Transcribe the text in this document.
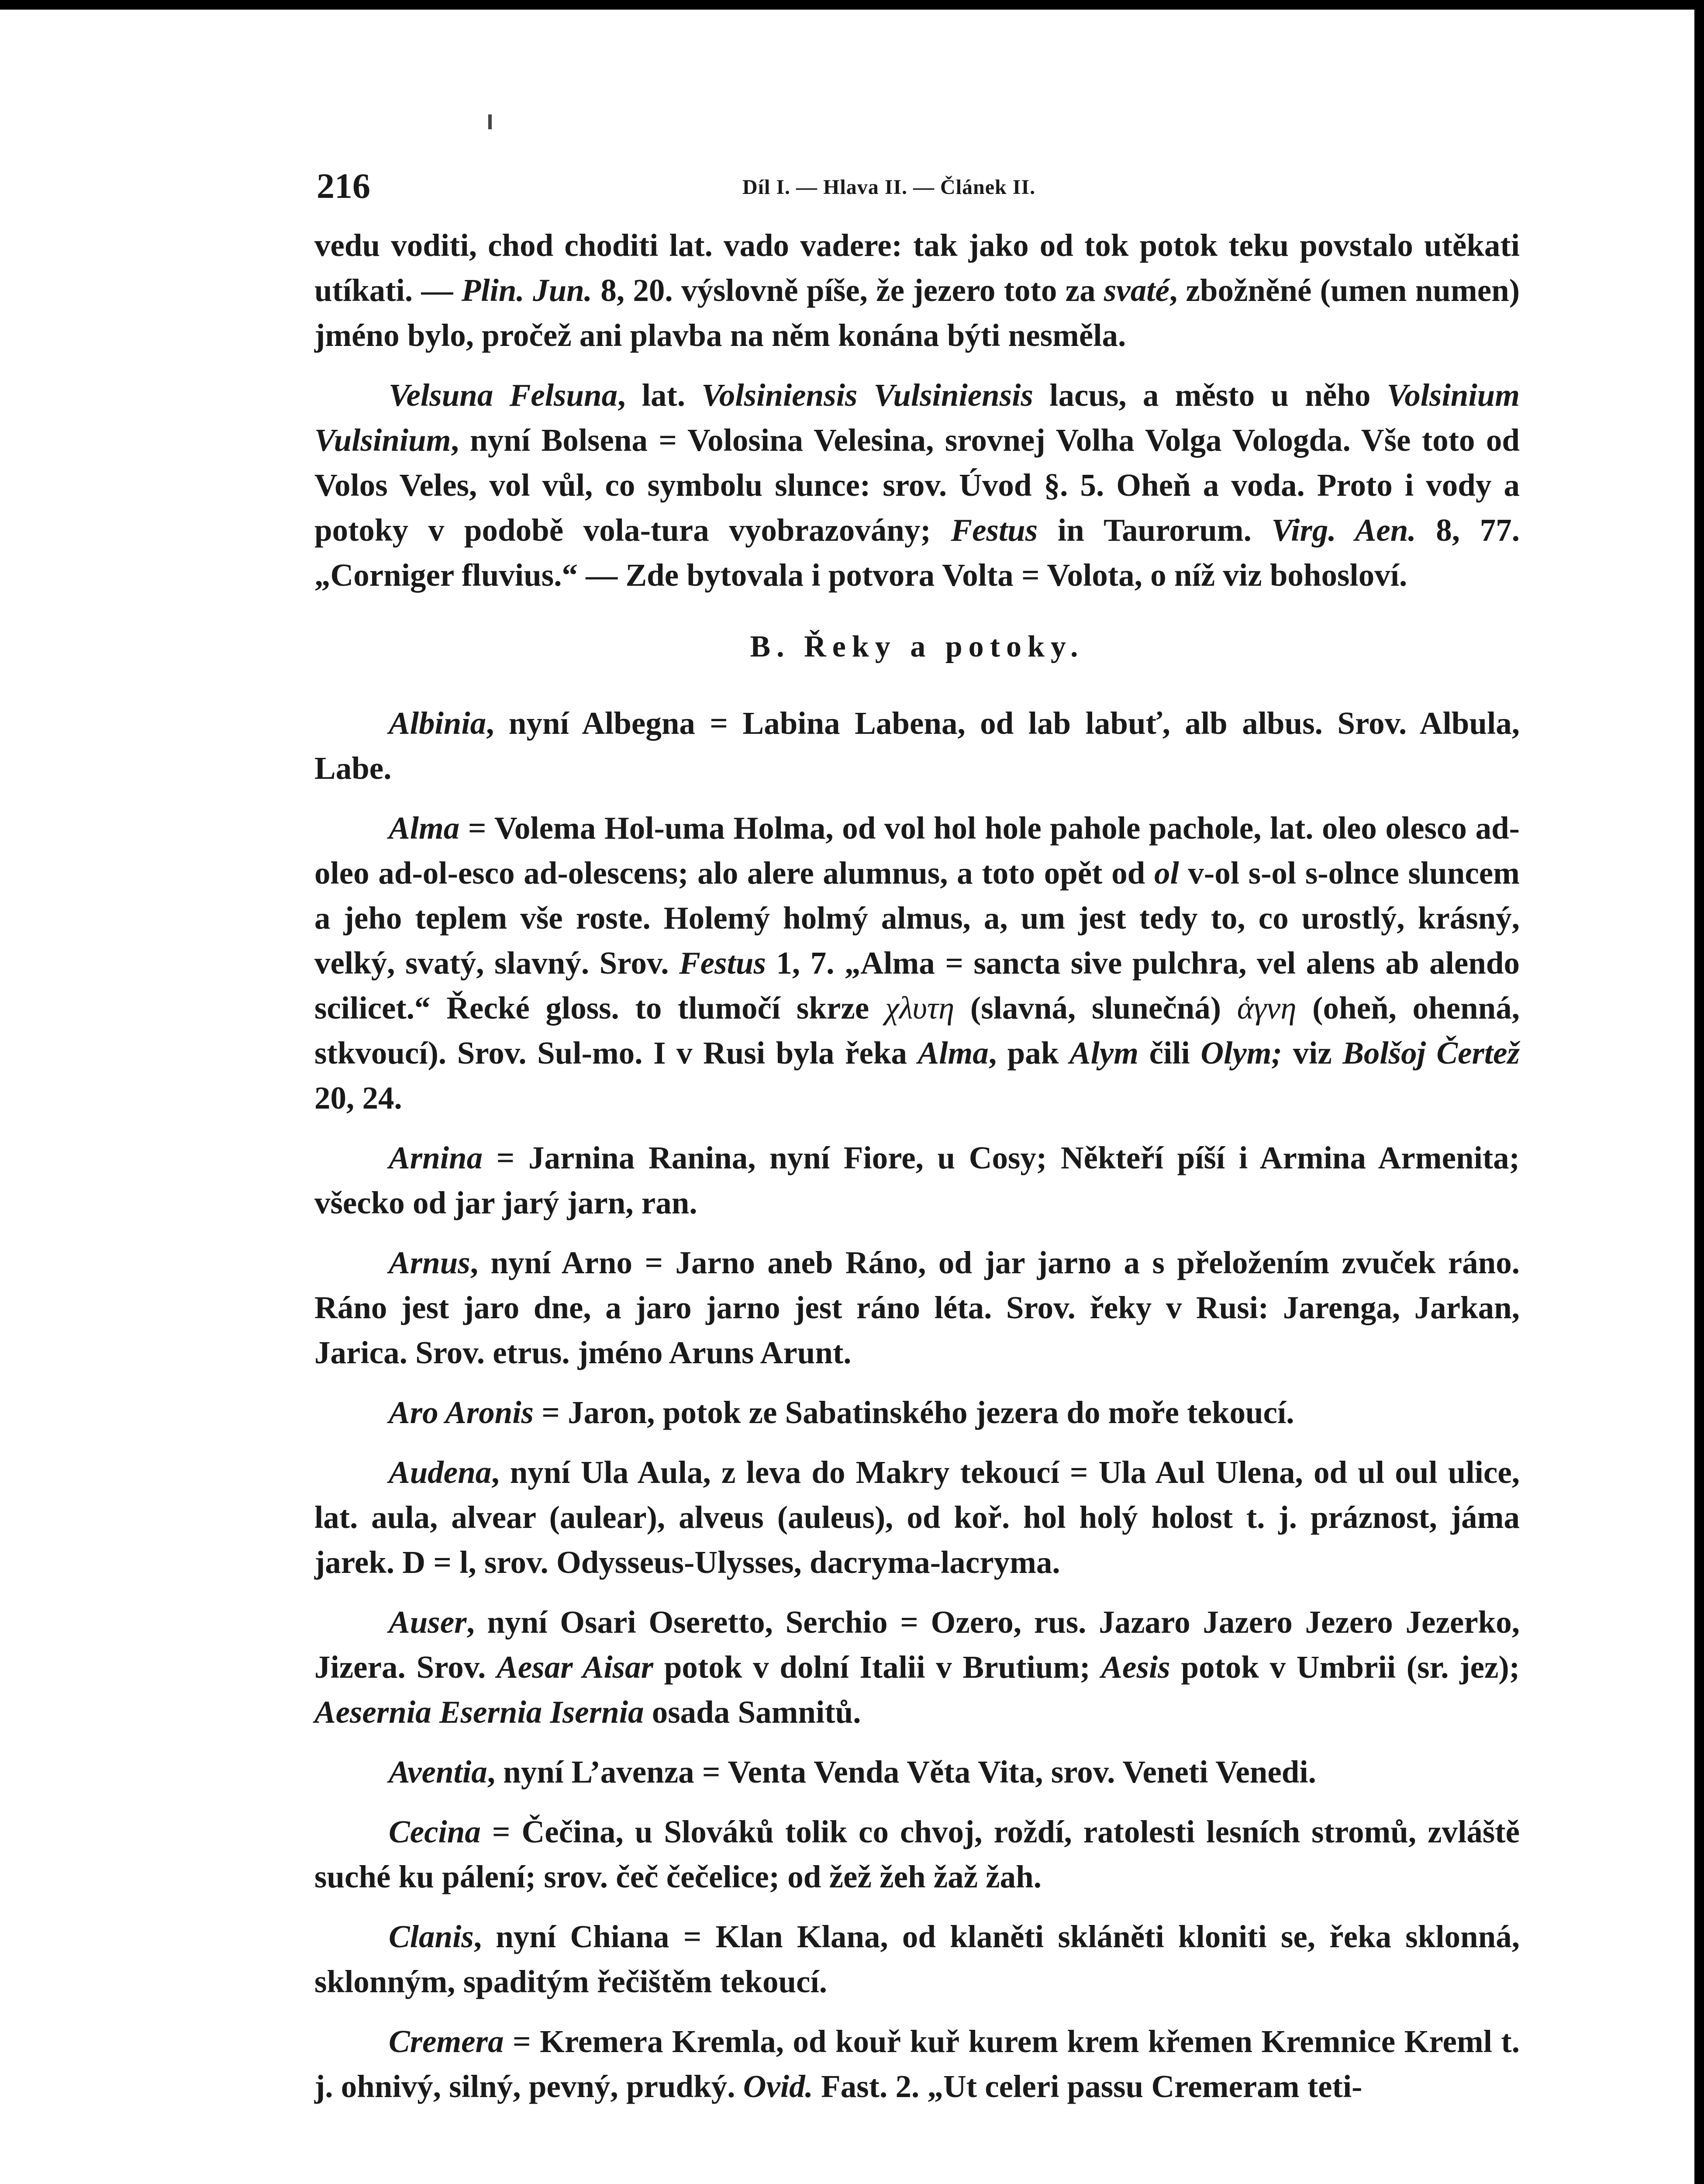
216	Díl I. — Hlava II. — Článek II.

vedu voditi, chod choditi lat. vado vadere: tak jako od tok potok teku povstalo utěkati utíkati. — Plin. Jun. 8, 20. výslovně píše, že jezero toto za svaté, zbožněné (umen numen) jméno bylo, pročež ani plavba na něm konána býti nesměla.

Velsuna Felsuna, lat. Volsiniensis Vulsiniensis lacus, a město u něho Volsinium Vulsinium, nyní Bolsena = Volosina Velesina, srovnej Volha Volga Vologda. Vše toto od Volos Veles, vol vůl, co symbolu slunce: srov. Úvod §. 5. Oheň a voda. Proto i vody a potoky v podobě vola-tura vyobrazovány; Festus in Taurorum. Virg. Aen. 8, 77. „Corniger fluvius.“ — Zde bytovala i potvora Volta = Volota, o níž viz bohosloví.

B. Řeky a potoky.

Albinia, nyní Albegna = Labina Labena, od lab labuť, alb albus. Srov. Albula, Labe.

Alma = Volema Hol-uma Holma, od vol hol hole pahole pachole, lat. oleo olesco ad-oleo ad-ol-esco ad-olescens; alo alere alumnus, a toto opět od ol v-ol s-ol s-olnce sluncem a jeho teplem vše roste. Holemý holmý almus, a, um jest tedy to, co urostlý, krásný, velký, svatý, slavný. Srov. Festus 1, 7. „Alma = sancta sive pulchra, vel alens ab alendo scilicet.“ Řecké gloss. to tlumočí skrze χλυτη (slavná, slunečná) ἁγνη (oheň, ohenná, stkvoucí). Srov. Sul-mo. I v Rusi byla řeka Alma, pak Alym čili Olym; viz Bolšoj Čertež 20, 24.

Arnina = Jarnina Ranina, nyní Fiore, u Cosy; Někteří píší i Armina Armenita; všecko od jar jarý jarn, ran.

Arnus, nyní Arno = Jarno aneb Ráno, od jar jarno a s přeložením zvuček ráno. Ráno jest jaro dne, a jaro jarno jest ráno léta. Srov. řeky v Rusi: Jarenga, Jarkan, Jarica. Srov. etrus. jméno Aruns Arunt.

Aro Aronis = Jaron, potok ze Sabatinského jezera do moře tekoucí.

Audena, nyní Ula Aula, z leva do Makry tekoucí = Ula Aul Ulena, od ul oul ulice, lat. aula, alvear (aulear), alveus (auleus), od koř. hol holý holost t. j. práznost, jáma jarek. D = l, srov. Odysseus-Ulysses, dacryma-lacryma.

Auser, nyní Osari Oseretto, Serchio = Ozero, rus. Jazaro Jazero Jezero Jezerko, Jizera. Srov. Aesar Aisar potok v dolní Italii v Brutium; Aesis potok v Umbrii (sr. jez); Aesernia Esernia Isernia osada Samnitů.

Aventia, nyní L’avenza = Venta Venda Věta Vita, srov. Veneti Venedi.

Cecina = Čečina, u Slováků tolik co chvoj, roždí, ratolesti lesních stromů, zvláště suché ku pálení; srov. čeč čečelice; od žež žeh žaž žah.

Clanis, nyní Chiana = Klan Klana, od klaněti skláněti kloniti se, řeka sklonná, sklonným, spaditým řečištěm tekoucí.

Cremera = Kremera Kremla, od kouř kuř kurem krem křemen Kremnice Kreml t. j. ohnivý, silný, pevný, prudký. Ovid. Fast. 2. „Ut celeri passu Cremeram teti-
